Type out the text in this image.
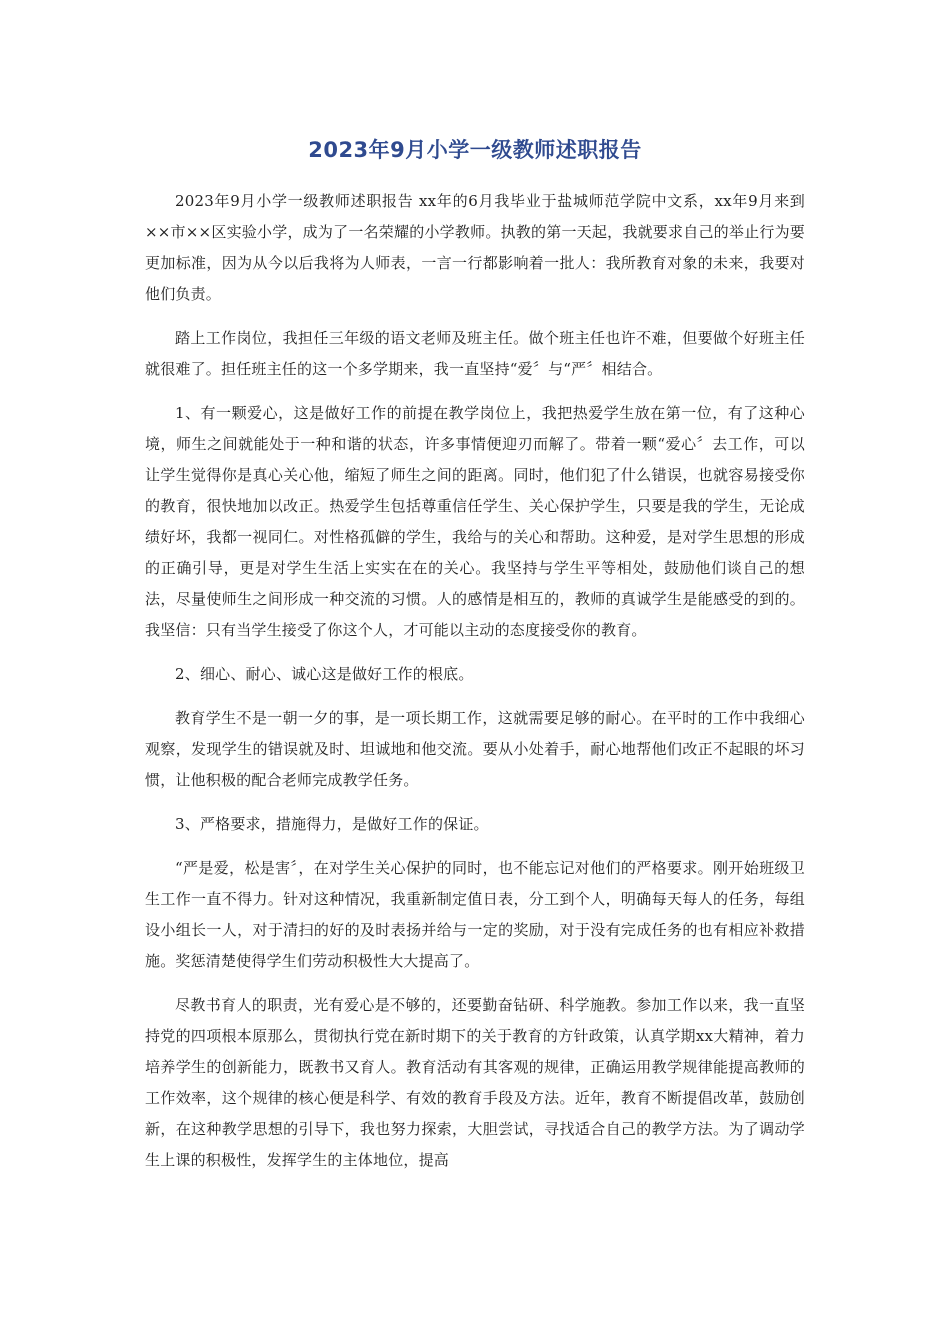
2023年9月小学一级教师述职报告

2023年9月小学一级教师述职报告 xx年的6月我毕业于盐城师范学院中文系，xx年9月来到××市××区实验小学，成为了一名荣耀的小学教师。执教的第一天起，我就要求自己的举止行为要更加标准，因为从今以后我将为人师表，一言一行都影响着一批人：我所教育对象的未来，我要对他们负责。

踏上工作岗位，我担任三年级的语文老师及班主任。做个班主任也许不难，但要做个好班主任就很难了。担任班主任的这一个多学期来，我一直坚持“爱〞与“严〞相结合。

1、有一颗爱心，这是做好工作的前提在教学岗位上，我把热爱学生放在第一位，有了这种心境，师生之间就能处于一种和谐的状态，许多事情便迎刃而解了。带着一颗“爱心〞去工作，可以让学生觉得你是真心关心他，缩短了师生之间的距离。同时，他们犯了什么错误，也就容易接受你的教育，很快地加以改正。热爱学生包括尊重信任学生、关心保护学生，只要是我的学生，无论成绩好坏，我都一视同仁。对性格孤僻的学生，我给与的关心和帮助。这种爱，是对学生思想的形成的正确引导，更是对学生生活上实实在在的关心。我坚持与学生平等相处，鼓励他们谈自己的想法，尽量使师生之间形成一种交流的习惯。人的感情是相互的，教师的真诚学生是能感受的到的。我坚信：只有当学生接受了你这个人，才可能以主动的态度接受你的教育。

2、细心、耐心、诚心这是做好工作的根底。

教育学生不是一朝一夕的事，是一项长期工作，这就需要足够的耐心。在平时的工作中我细心观察，发现学生的错误就及时、坦诚地和他交流。要从小处着手，耐心地帮他们改正不起眼的坏习惯，让他积极的配合老师完成教学任务。

3、严格要求，措施得力，是做好工作的保证。

“严是爱，松是害〞，在对学生关心保护的同时，也不能忘记对他们的严格要求。刚开始班级卫生工作一直不得力。针对这种情况，我重新制定值日表，分工到个人，明确每天每人的任务，每组设小组长一人，对于清扫的好的及时表扬并给与一定的奖励，对于没有完成任务的也有相应补救措施。奖惩清楚使得学生们劳动积极性大大提高了。

尽教书育人的职责，光有爱心是不够的，还要勤奋钻研、科学施教。参加工作以来，我一直坚持党的四项根本原那么，贯彻执行党在新时期下的关于教育的方针政策，认真学期xx大精神，着力培养学生的创新能力，既教书又育人。教育活动有其客观的规律，正确运用教学规律能提高教师的工作效率，这个规律的核心便是科学、有效的教育手段及方法。近年，教育不断提倡改革，鼓励创新，在这种教学思想的引导下，我也努力探索，大胆尝试，寻找适合自己的教学方法。为了调动学生上课的积极性，发挥学生的主体地位，提高
